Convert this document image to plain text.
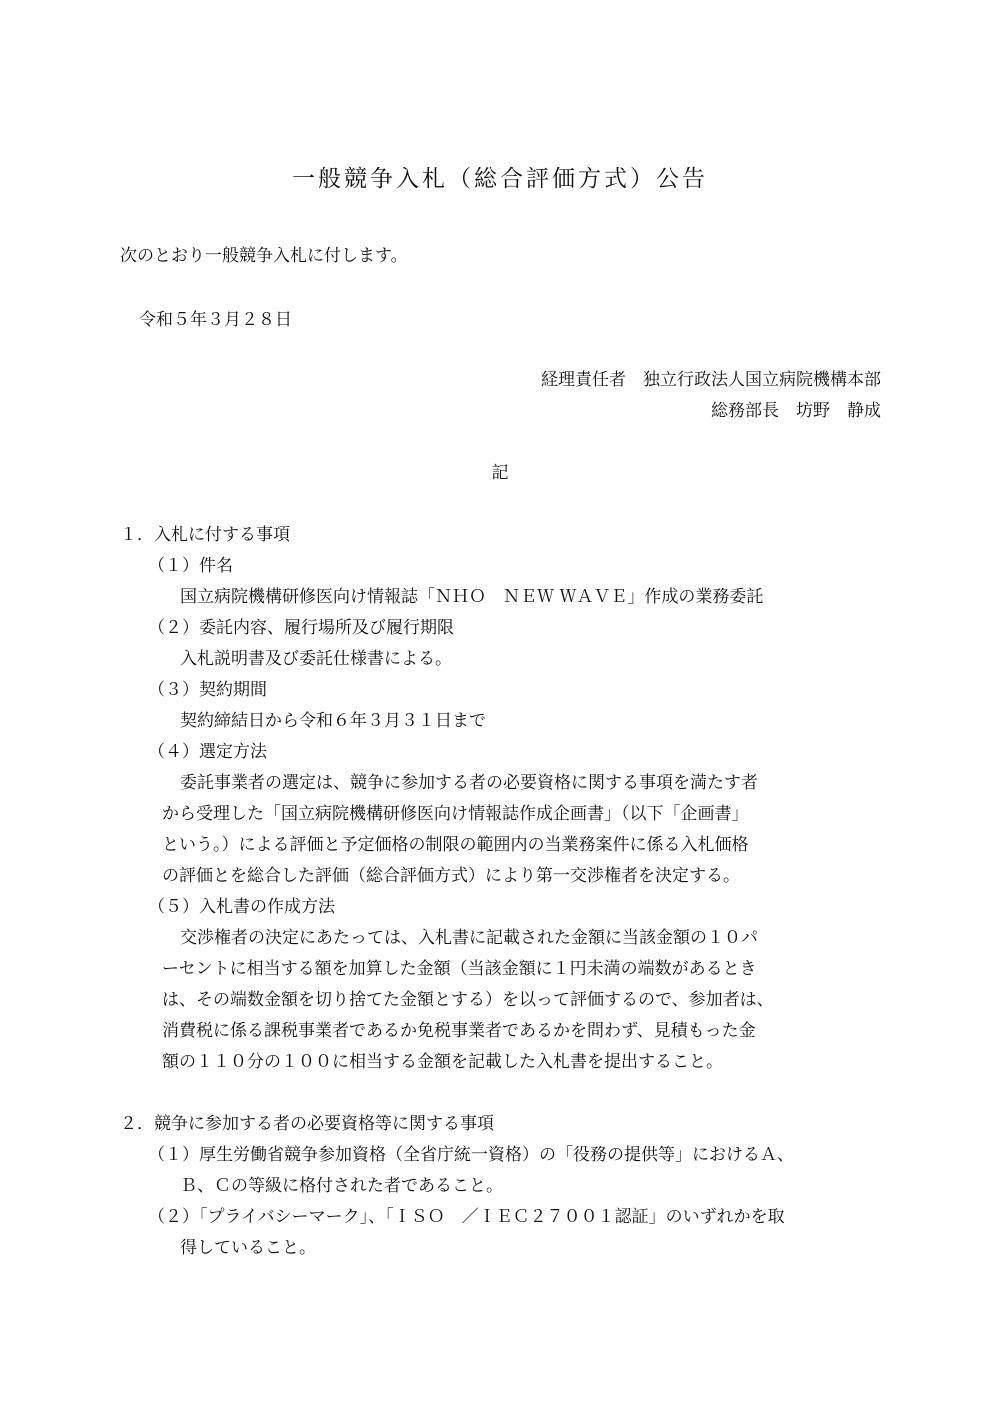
一般競争入札（総合評価方式）公告
次のとおり一般競争入札に付します。
令和５年３月２８日
経理責任者　独立行政法人国立病院機構本部
総務部長　坊野　静成
記
１．入札に付する事項
（１）件名
国立病院機構研修医向け情報誌「ＮＨＯ　ＮＥＷ ＷＡＶＥ」作成の業務委託
（２）委託内容、履行場所及び履行期限
入札説明書及び委託仕様書による。
（３）契約期間
契約締結日から令和６年３月３１日まで
（４）選定方法
委託事業者の選定は、競争に参加する者の必要資格に関する事項を満たす者
から受理した「国立病院機構研修医向け情報誌作成企画書」（以下「企画書」
という。）による評価と予定価格の制限の範囲内の当業務案件に係る入札価格
の評価とを総合した評価（総合評価方式）により第一交渉権者を決定する。
（５）入札書の作成方法
交渉権者の決定にあたっては、入札書に記載された金額に当該金額の１０パ
ーセントに相当する額を加算した金額（当該金額に１円未満の端数があるとき
は、その端数金額を切り捨てた金額とする）を以って評価するので、参加者は、
消費税に係る課税事業者であるか免税事業者であるかを問わず、見積もった金
額の１１０分の１００に相当する金額を記載した入札書を提出すること。
２．競争に参加する者の必要資格等に関する事項
（１）厚生労働省競争参加資格（全省庁統一資格）の「役務の提供等」におけるＡ、
Ｂ、Ｃの等級に格付された者であること。
（２）「プライバシーマーク」、「ＩＳＯ　／ＩＥＣ２７００１認証」のいずれかを取
得していること。
